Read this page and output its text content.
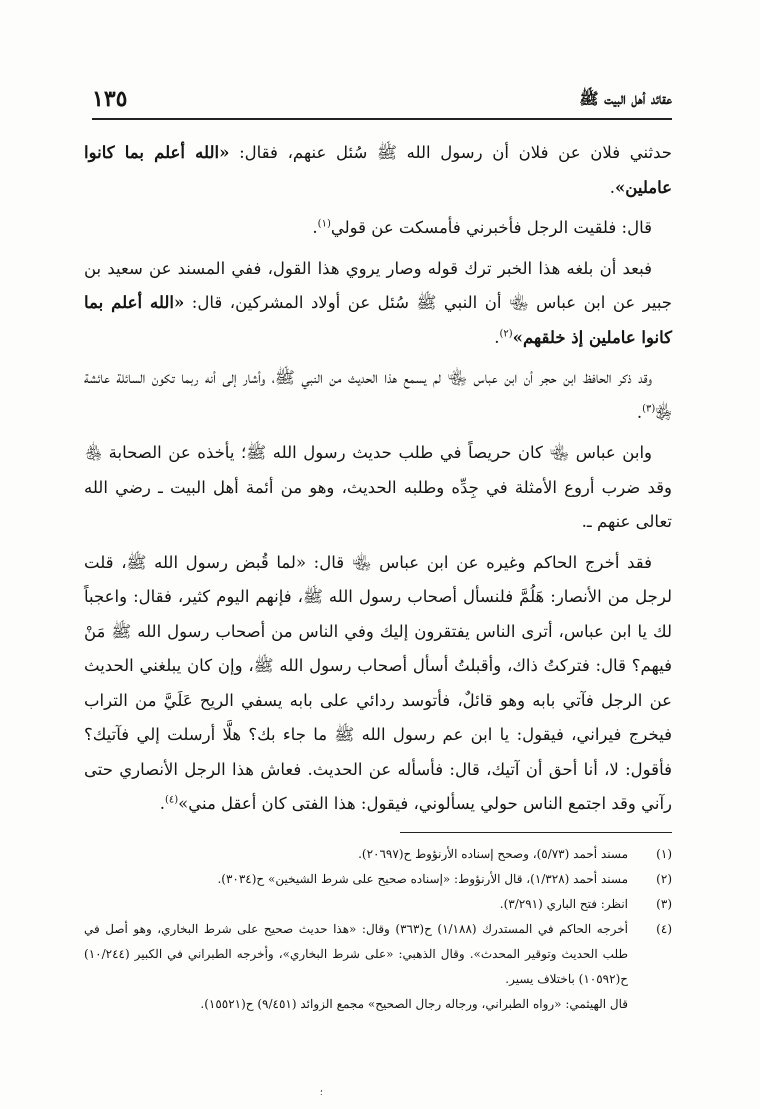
عقائد أهل البيت ﷺ
١٣٥

حدثني فلان عن فلان أن رسول الله ﷺ سُئل عنهم، فقال: «الله أعلم بما كانوا عاملين».

قال: فلقيت الرجل فأخبرني فأمسكت عن قولي$^{(١)}$.

فبعد أن بلغه هذا الخبر ترك قوله وصار يروي هذا القول، ففي المسند عن سعيد بن جبير عن ابن عباس ﵄ أن النبي ﷺ سُئل عن أولاد المشركين، قال: «الله أعلم بما كانوا عاملين إذ خلقهم»$^{(٢)}$.

وقد ذكر الحافظ ابن حجر أن ابن عباس ﵄ لم يسمع هذا الحديث من النبي ﷺ، وأشار إلى أنه ربما تكون السائلة عائشة ﵂$^{(٣)}$.

وابن عباس ﵄ كان حريصاً في طلب حديث رسول الله ﷺ؛ يأخذه عن الصحابة ﵃ وقد ضرب أروع الأمثلة في جِدِّه وطلبه الحديث، وهو من أئمة أهل البيت ـ رضي الله تعالى عنهم ـ.

فقد أخرج الحاكم وغيره عن ابن عباس ﵄ قال: «لما قُبض رسول الله ﷺ، قلت لرجل من الأنصار: هَلُمَّ فلنسأل أصحاب رسول الله ﷺ، فإنهم اليوم كثير، فقال: واعجباً لك يا ابن عباس، أترى الناس يفتقرون إليك وفي الناس من أصحاب رسول الله ﷺ مَنْ فيهم؟ قال: فتركتُ ذاك، وأقبلتُ أسأل أصحاب رسول الله ﷺ، وإن كان يبلغني الحديث عن الرجل فآتي بابه وهو قائلٌ، فأتوسد ردائي على بابه يسفي الريح عَلَيَّ من التراب فيخرج فيراني، فيقول: يا ابن عم رسول الله ﷺ ما جاء بك؟ هلَّا أرسلت إلي فآتيك؟ فأقول: لا، أنا أحق أن آتيك، قال: فأسأله عن الحديث. فعاش هذا الرجل الأنصاري حتى رآني وقد اجتمع الناس حولي يسألوني، فيقول: هذا الفتى كان أعقل مني»$^{(٤)}$.

(١)
مسند أحمد (٥/٧٣)، وصحح إسناده الأرنؤوط ح(٢٠٦٩٧).
(٢)
مسند أحمد (١/٣٢٨)، قال الأرنؤوط: «إسناده صحيح على شرط الشيخين» ح(٣٠٣٤).
(٣)
انظر: فتح الباري (٣/٢٩١).
(٤)
أخرجه الحاكم في المستدرك (١/١٨٨) ح(٣٦٣) وقال: «هذا حديث صحيح على شرط البخاري، وهو أصل في طلب الحديث وتوقير المحدث». وقال الذهبي: «على شرط البخاري»، وأخرجه الطبراني في الكبير (١٠/٢٤٤) ح(١٠٥٩٢) باختلاف يسير.
قال الهيثمي: «رواه الطبراني، ورجاله رجال الصحيح» مجمع الزوائد (٩/٤٥١) ح(١٥٥٢١).
؛
